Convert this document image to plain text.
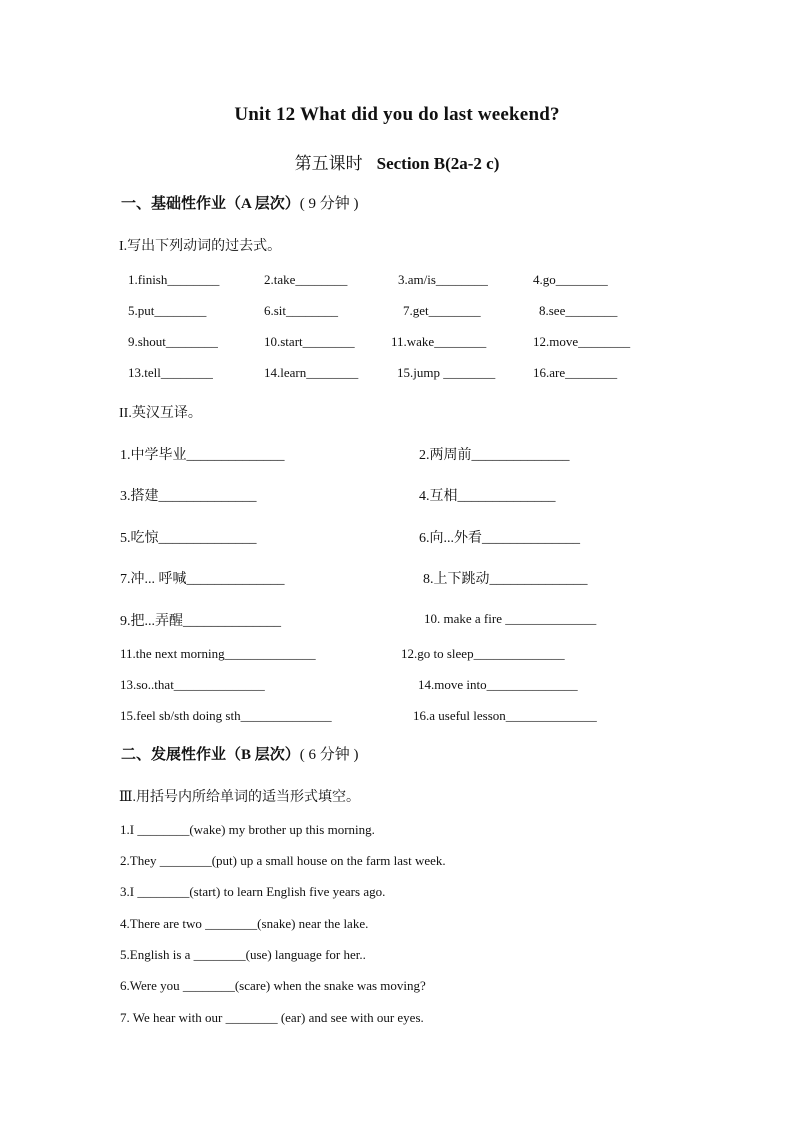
Unit 12 What did you do last weekend?
第五课时 Section B(2a-2 c)
一、基础性作业（A 层次）( 9 分钟 )
I.写出下列动词的过去式。
1.finish________	2.take________	3.am/is________	4.go________
5.put________	6.sit________	7.get________	8.see________
9.shout________	10.start________	11.wake________	12.move________
13.tell________	14.learn________	15.jump ________	16.are________
II.英汉互译。
1.中学毕业______________	2.两周前______________
3.搭建______________	4.互相______________
5.吃惊______________	6.向...外看______________
7.冲... 呼喊______________	8.上下跳动______________
9.把...弄醒______________	10. make a fire ______________
11.the next morning______________	12.go to sleep______________
13.so..that______________	14.move into______________
15.feel sb/sth doing sth______________	16.a useful lesson______________
二、发展性作业（B 层次）( 6 分钟 )
Ⅲ.用括号内所给单词的适当形式填空。
1.I ________(wake) my brother up this morning.
2.They ________(put) up a small house on the farm last week.
3.I ________(start) to learn English five years ago.
4.There are two ________(snake) near the lake.
5.English is a ________(use) language for her..
6.Were you ________(scare) when the snake was moving?
7. We hear with our ________ (ear) and see with our eyes.
